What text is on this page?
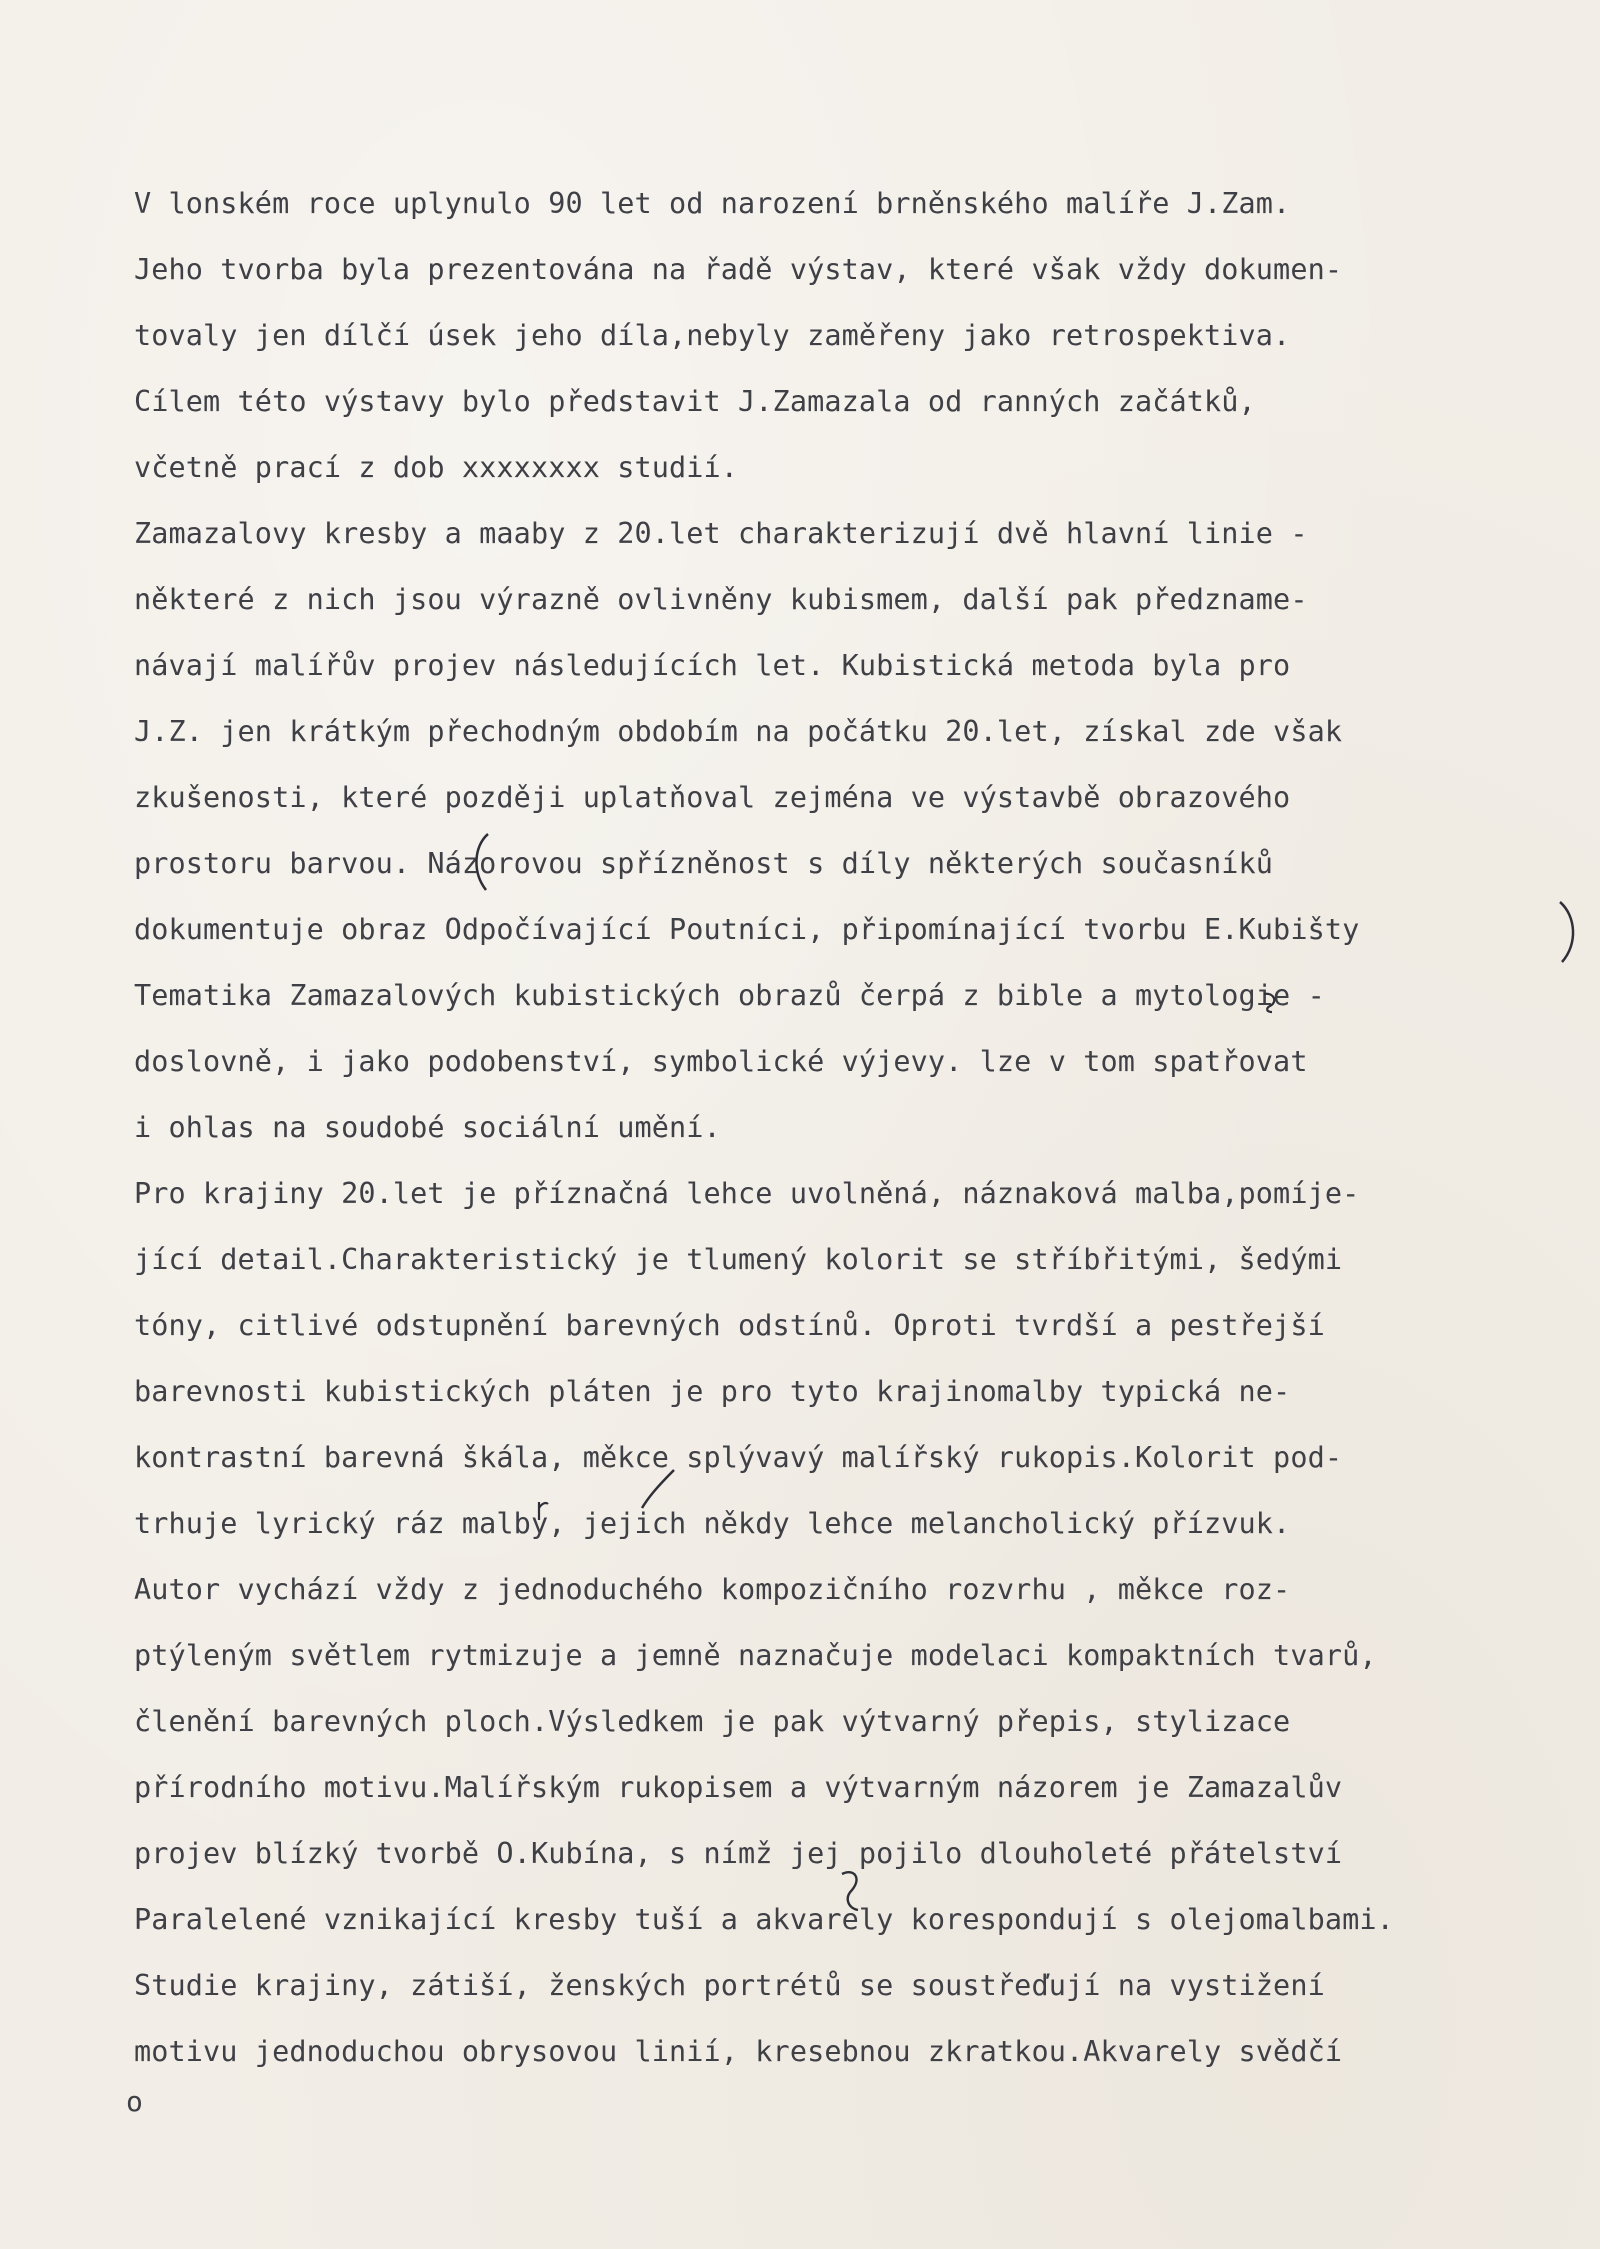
V lonském roce uplynulo 90 let od narození brněnského malíře J.Zam.
Jeho tvorba byla prezentována na řadě výstav, které však vždy dokumen-
tovaly jen dílčí úsek jeho díla,nebyly zaměřeny jako retrospektiva.
Cílem této výstavy bylo představit J.Zamazala od ranných začátků,
včetně prací z dob xxxxxxxx studií.
Zamazalovy kresby a maaby z 20.let charakterizují dvě hlavní linie -
některé z nich jsou výrazně ovlivněny kubismem, další pak předzname-
návají malířův projev následujících let. Kubistická metoda byla pro
J.Z. jen krátkým přechodným obdobím na počátku 20.let, získal zde však
zkušenosti, které později uplatňoval zejména ve výstavbě obrazového
prostoru barvou. Názorovou spřízněnost s díly některých současníků
dokumentuje obraz Odpočívající Poutníci, připomínající tvorbu E.Kubišty
Tematika Zamazalových kubistických obrazů čerpá z bible a mytologie -
doslovně, i jako podobenství, symbolické výjevy. lze v tom spatřovat
i ohlas na soudobé sociální umění.
Pro krajiny 20.let je příznačná lehce uvolněná, náznaková malba,pomíje-
jící detail.Charakteristický je tlumený kolorit se stříbřitými, šedými
tóny, citlivé odstupnění barevných odstínů. Oproti tvrdší a pestřejší
barevnosti kubistických pláten je pro tyto krajinomalby typická ne-
kontrastní barevná škála, měkce splývavý malířský rukopis.Kolorit pod-
trhuje lyrický ráz malby, jejich někdy lehce melancholický přízvuk.
Autor vychází vždy z jednoduchého kompozičního rozvrhu , měkce roz-
ptýleným světlem rytmizuje a jemně naznačuje modelaci kompaktních tvarů,
členění barevných ploch.Výsledkem je pak výtvarný přepis, stylizace
přírodního motivu.Malířským rukopisem a výtvarným názorem je Zamazalův
projev blízký tvorbě O.Kubína, s nímž jej pojilo dlouholeté přátelství
Paralelené vznikající kresby tuší a akvarely korespondují s olejomalbami.
Studie krajiny, zátiší, ženských portrétů se soustřeďují na vystižení
motivu jednoduchou obrysovou linií, kresebnou zkratkou.Akvarely svědčí
o
